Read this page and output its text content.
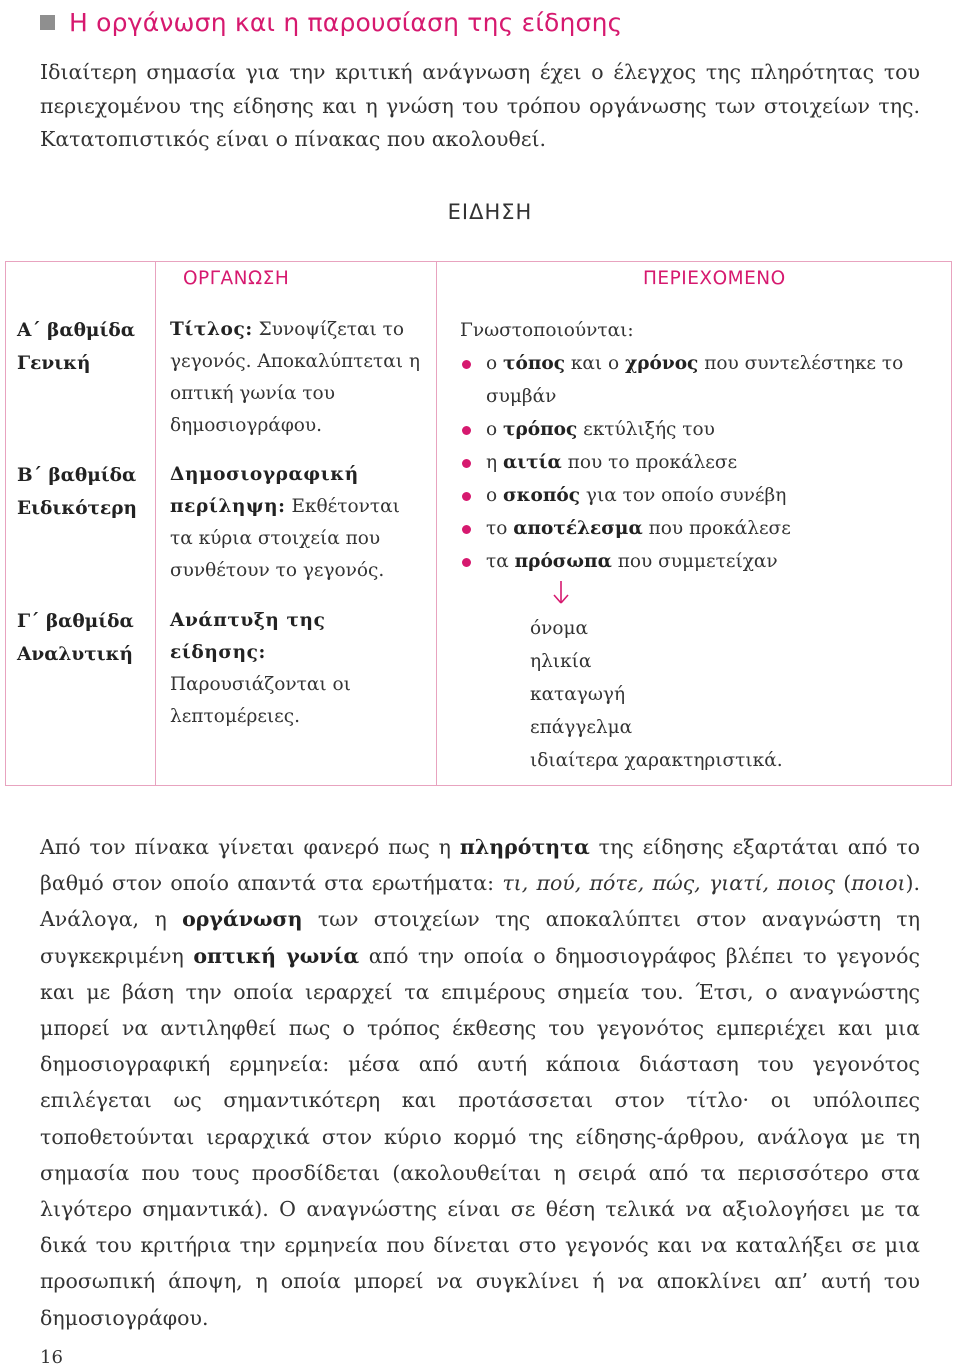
Η οργάνωση και η παρουσίαση της είδησης
Ιδιαίτερη σημασία για την κριτική ανάγνωση έχει ο έλεγχος της πληρότητας του περιεχομένου της είδησης και η γνώση του τρόπου οργάνωσης των στοιχείων της. Κατατοπιστικός είναι ο πίνακας που ακολουθεί.
ΕΙΔΗΣΗ
ΟΡΓΑΝΩΣΗ	ΠΕΡΙΕΧΟΜΕΝΟ
Α΄ βαθμίδα
Γενική
Β΄ βαθμίδα
Ειδικότερη
Γ΄ βαθμίδα
Αναλυτική
Τίτλος: Συνοψίζεται το γεγονός. Αποκαλύπτεται η οπτική γωνία του δημοσιογράφου.
Δημοσιογραφική περίληψη: Εκθέτονται τα κύρια στοιχεία που συνθέτουν το γεγονός.
Ανάπτυξη της είδησης: Παρουσιάζονται οι λεπτομέρειες.
Γνωστοποιούνται:
ο τόπος και ο χρόνος που συντελέστηκε το συμβάν
ο τρόπος εκτύλιξής του
η αιτία που το προκάλεσε
ο σκοπός για τον οποίο συνέβη
το αποτέλεσμα που προκάλεσε
τα πρόσωπα που συμμετείχαν
όνομα
ηλικία
καταγωγή
επάγγελμα
ιδιαίτερα χαρακτηριστικά.

Από τον πίνακα γίνεται φανερό πως η πληρότητα της είδησης εξαρτάται από το βαθμό στον οποίο απαντά στα ερωτήματα: τι, πού, πότε, πώς, γιατί, ποιος (ποιοι). Ανάλογα, η οργάνωση των στοιχείων της αποκαλύπτει στον αναγνώστη τη συγκεκριμένη οπτική γωνία από την οποία ο δημοσιογράφος βλέπει το γεγονός και με βάση την οποία ιεραρχεί τα επιμέρους σημεία του. Έτσι, ο αναγνώστης μπορεί να αντιληφθεί πως ο τρόπος έκθεσης του γεγονότος εμπεριέχει και μια δημοσιογραφική ερμηνεία: μέσα από αυτή κάποια διάσταση του γεγονότος επιλέγεται ως σημαντικότερη και προτάσσεται στον τίτλο· οι υπόλοιπες τοποθετούνται ιεραρχικά στον κύριο κορμό της είδησης-άρθρου, ανάλογα με τη σημασία που τους προσδίδεται (ακολουθείται η σειρά από τα περισσότερο στα λιγότερο σημαντικά). Ο αναγνώστης είναι σε θέση τελικά να αξιολογήσει με τα δικά του κριτήρια την ερμηνεία που δίνεται στο γεγονός και να καταλήξει σε μια προσωπική άποψη, η οποία μπορεί να συγκλίνει ή να αποκλίνει απ’ αυτή του δημοσιογράφου.

16
